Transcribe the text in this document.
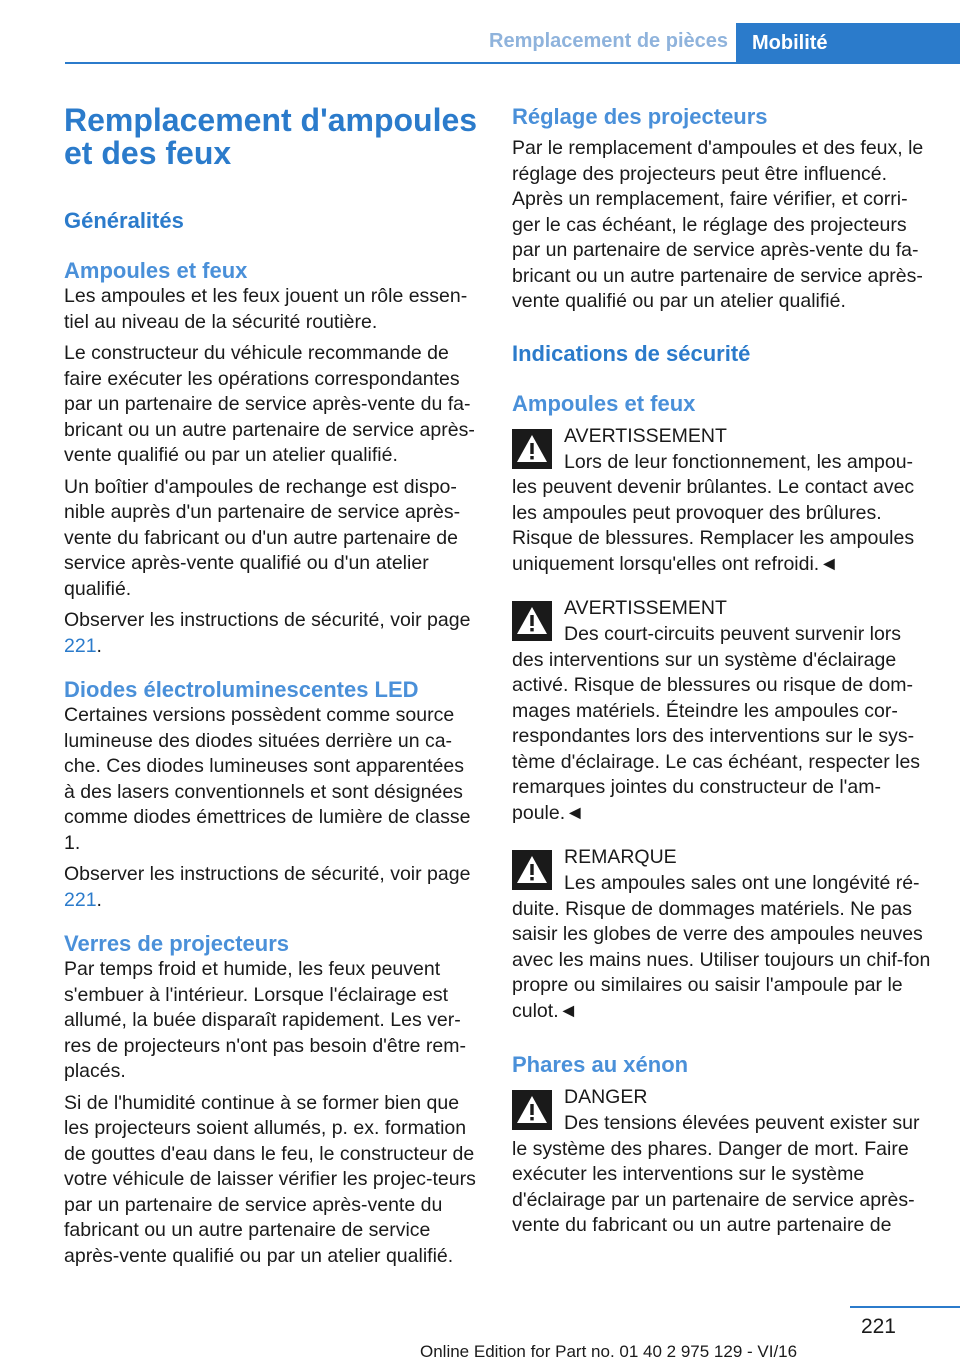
Remplacement de pièces	Mobilité
Remplacement d'ampoules et des feux
Généralités
Ampoules et feux

Les ampoules et les feux jouent un rôle essen-tiel au niveau de la sécurité routière.

Le constructeur du véhicule recommande de faire exécuter les opérations correspondantes par un partenaire de service après-vente du fa-bricant ou un autre partenaire de service après-vente qualifié ou par un atelier qualifié.

Un boîtier d'ampoules de rechange est dispo-nible auprès d'un partenaire de service après-vente du fabricant ou d'un autre partenaire de service après-vente qualifié ou d'un atelier qualifié.

Observer les instructions de sécurité, voir page 221.

Diodes électroluminescentes LED

Certaines versions possèdent comme source lumineuse des diodes situées derrière un ca-che. Ces diodes lumineuses sont apparentées à des lasers conventionnels et sont désignées comme diodes émettrices de lumière de classe 1.

Observer les instructions de sécurité, voir page 221.

Verres de projecteurs

Par temps froid et humide, les feux peuvent s'embuer à l'intérieur. Lorsque l'éclairage est allumé, la buée disparaît rapidement. Les ver-res de projecteurs n'ont pas besoin d'être rem-placés.

Si de l'humidité continue à se former bien que les projecteurs soient allumés, p. ex. formation de gouttes d'eau dans le feu, le constructeur de votre véhicule de laisser vérifier les projec-teurs par un partenaire de service après-vente du fabricant ou un autre partenaire de service après-vente qualifié ou par un atelier qualifié.

Réglage des projecteurs

Par le remplacement d'ampoules et des feux, le réglage des projecteurs peut être influencé. Après un remplacement, faire vérifier, et corri-ger le cas échéant, le réglage des projecteurs par un partenaire de service après-vente du fa-bricant ou un autre partenaire de service après-vente qualifié ou par un atelier qualifié.

Indications de sécurité
Ampoules et feux
AVERTISSEMENT

Lors de leur fonctionnement, les ampou-les peuvent devenir brûlantes. Le contact avec les ampoules peut provoquer des brûlures. Risque de blessures. Remplacer les ampoules uniquement lorsqu'elles ont refroidi.◄

AVERTISSEMENT

Des court-circuits peuvent survenir lors des interventions sur un système d'éclairage activé. Risque de blessures ou risque de dom-mages matériels. Éteindre les ampoules cor-respondantes lors des interventions sur le sys-tème d'éclairage. Le cas échéant, respecter les remarques jointes du constructeur de l'am-poule.◄

REMARQUE

Les ampoules sales ont une longévité ré-duite. Risque de dommages matériels. Ne pas saisir les globes de verre des ampoules neuves avec les mains nues. Utiliser toujours un chif-fon propre ou similaires ou saisir l'ampoule par le culot.◄

Phares au xénon
DANGER

Des tensions élevées peuvent exister sur le système des phares. Danger de mort. Faire exécuter les interventions sur le système d'éclairage par un partenaire de service après-vente du fabricant ou un autre partenaire de

221
Online Edition for Part no. 01 40 2 975 129 - VI/16
